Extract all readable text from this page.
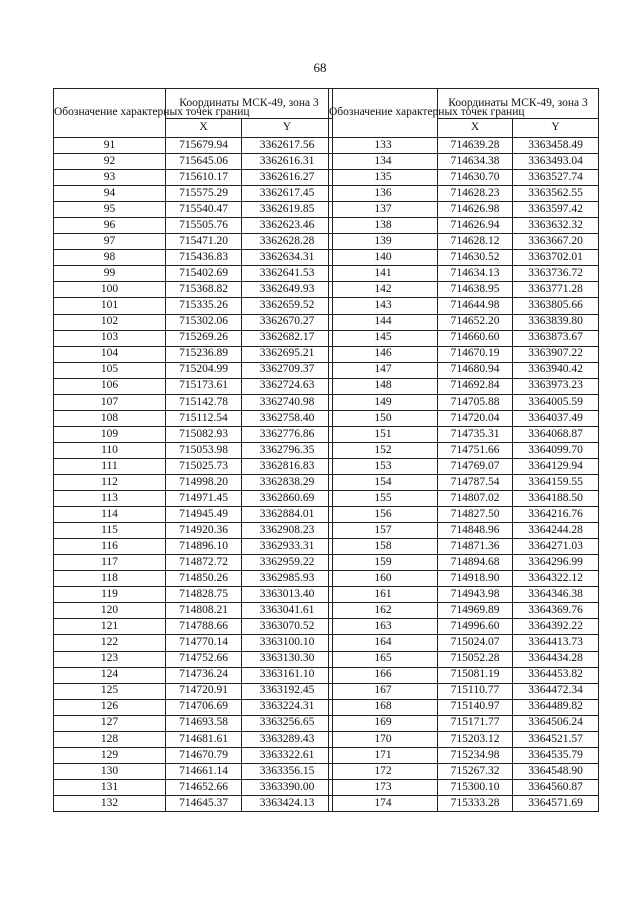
68
Обозначение характерных точек границ	Координаты МСК-49, зона 3	
	X	Y
91	715679.94	3362617.56
92	715645.06	3362616.31
93	715610.17	3362616.27
94	715575.29	3362617.45
95	715540.47	3362619.85
96	715505.76	3362623.46
97	715471.20	3362628.28
98	715436.83	3362634.31
99	715402.69	3362641.53
100	715368.82	3362649.93
101	715335.26	3362659.52
102	715302.06	3362670.27
103	715269.26	3362682.17
104	715236.89	3362695.21
105	715204.99	3362709.37
106	715173.61	3362724.63
107	715142.78	3362740.98
108	715112.54	3362758.40
109	715082.93	3362776.86
110	715053.98	3362796.35
111	715025.73	3362816.83
112	714998.20	3362838.29
113	714971.45	3362860.69
114	714945.49	3362884.01
115	714920.36	3362908.23
116	714896.10	3362933.31
117	714872.72	3362959.22
118	714850.26	3362985.93
119	714828.75	3363013.40
120	714808.21	3363041.61
121	714788.66	3363070.52
122	714770.14	3363100.10
123	714752.66	3363130.30
124	714736.24	3363161.10
125	714720.91	3363192.45
126	714706.69	3363224.31
127	714693.58	3363256.65
128	714681.61	3363289.43
129	714670.79	3363322.61
130	714661.14	3363356.15
131	714652.66	3363390.00
132	714645.37	3363424.13
Обозначение характерных точек границ	Координаты МСК-49, зона 3	
	X	Y
133	714639.28	3363458.49
134	714634.38	3363493.04
135	714630.70	3363527.74
136	714628.23	3363562.55
137	714626.98	3363597.42
138	714626.94	3363632.32
139	714628.12	3363667.20
140	714630.52	3363702.01
141	714634.13	3363736.72
142	714638.95	3363771.28
143	714644.98	3363805.66
144	714652.20	3363839.80
145	714660.60	3363873.67
146	714670.19	3363907.22
147	714680.94	3363940.42
148	714692.84	3363973.23
149	714705.88	3364005.59
150	714720.04	3364037.49
151	714735.31	3364068.87
152	714751.66	3364099.70
153	714769.07	3364129.94
154	714787.54	3364159.55
155	714807.02	3364188.50
156	714827.50	3364216.76
157	714848.96	3364244.28
158	714871.36	3364271.03
159	714894.68	3364296.99
160	714918.90	3364322.12
161	714943.98	3364346.38
162	714969.89	3364369.76
163	714996.60	3364392.22
164	715024.07	3364413.73
165	715052.28	3364434.28
166	715081.19	3364453.82
167	715110.77	3364472.34
168	715140.97	3364489.82
169	715171.77	3364506.24
170	715203.12	3364521.57
171	715234.98	3364535.79
172	715267.32	3364548.90
173	715300.10	3364560.87
174	715333.28	3364571.69
